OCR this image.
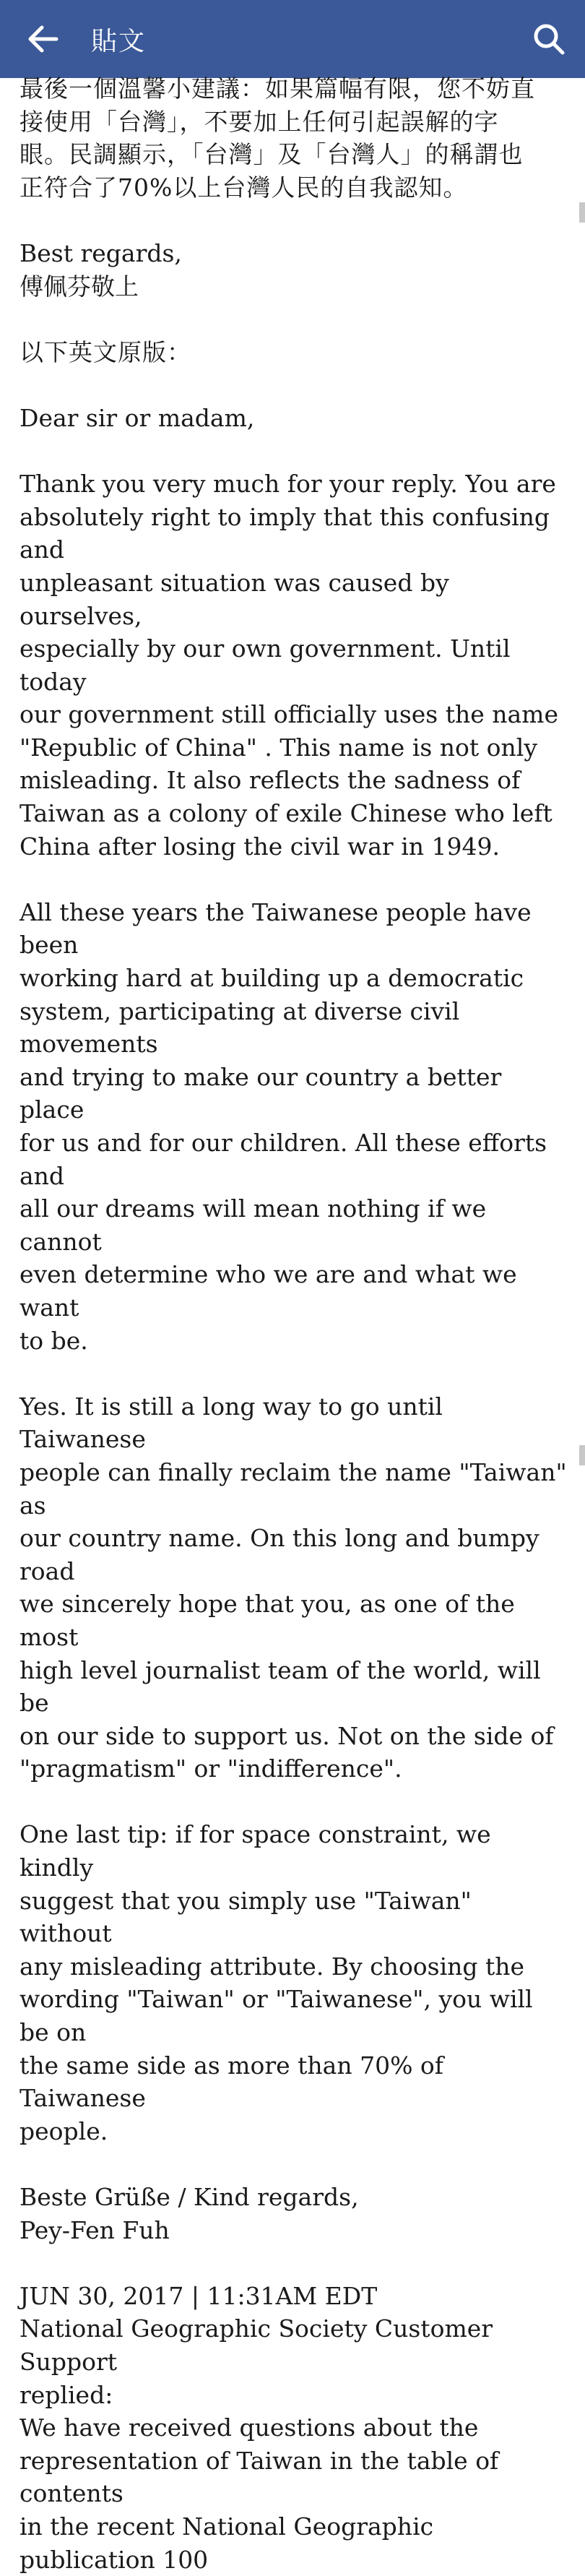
貼文

最後一個溫馨小建議：如果篇幅有限，您不妨直
接使用「台灣」，不要加上任何引起誤解的字
眼。民調顯示，「台灣」及「台灣人」的稱謂也
正符合了70%以上台灣人民的自我認知。

Best regards,
傅佩芬敬上

以下英文原版：

Dear sir or madam,

Thank you very much for your reply. You are
absolutely right to imply that this confusing and
unpleasant situation was caused by ourselves,
especially by our own government. Until today
our government still officially uses the name
"Republic of China" . This name is not only
misleading. It also reflects the sadness of
Taiwan as a colony of exile Chinese who left
China after losing the civil war in 1949.

All these years the Taiwanese people have been
working hard at building up a democratic
system, participating at diverse civil movements
and trying to make our country a better place
for us and for our children. All these efforts and
all our dreams will mean nothing if we cannot
even determine who we are and what we want
to be.

Yes. It is still a long way to go until Taiwanese
people can finally reclaim the name "Taiwan" as
our country name. On this long and bumpy road
we sincerely hope that you, as one of the most
high level journalist team of the world, will be
on our side to support us. Not on the side of
"pragmatism" or "indifference".

One last tip: if for space constraint, we kindly
suggest that you simply use "Taiwan" without
any misleading attribute. By choosing the
wording "Taiwan" or "Taiwanese", you will be on
the same side as more than 70% of Taiwanese
people.

Beste Grüße / Kind regards,
Pey-Fen Fuh

JUN 30, 2017 | 11:31AM EDT
National Geographic Society Customer Support
replied:

We have received questions about the
representation of Taiwan in the table of contents
in the recent National Geographic publication 100
